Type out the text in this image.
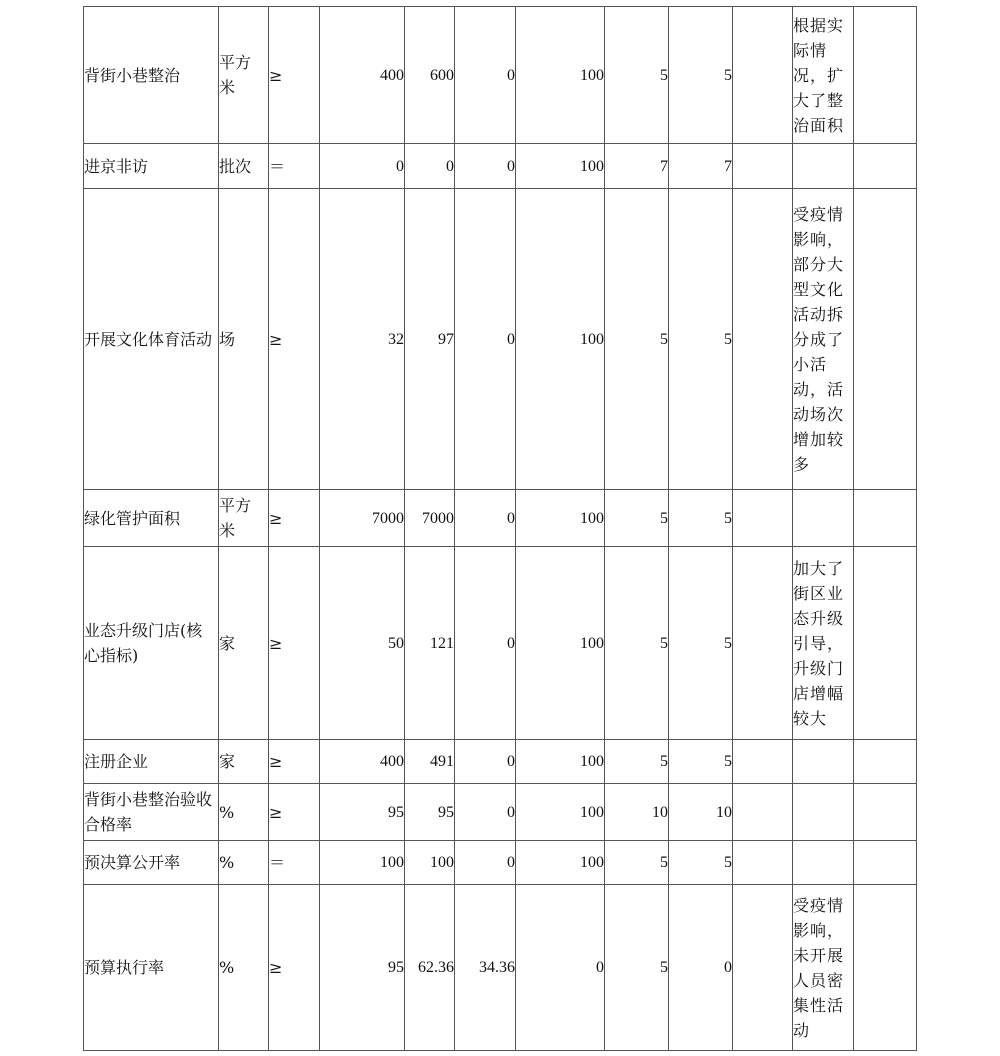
背街小巷整治	平方米	≥	400	600	0	100	5	5		根据实际情况，扩大了整治面积	

进京非访	批次	＝	0	0	0	100	7	7		

开展文化体育活动	场	≥	32	97	0	100	5	5		受疫情影响，部分大型文化活动拆分成了小活动，活动场次增加较多	

绿化管护面积	平方米	≥	7000	7000	0	100	5	5		

业态升级门店(核心指标)	家	≥	50	121	0	100	5	5		加大了街区业态升级引导，升级门店增幅较大	

注册企业	家	≥	400	491	0	100	5	5		

背街小巷整治验收合格率	%	≥	95	95	0	100	10	10		

预决算公开率	%	＝	100	100	0	100	5	5		

预算执行率	%	≥	95	62.36	34.36	0	5	0		受疫情影响，未开展人员密集性活动	
